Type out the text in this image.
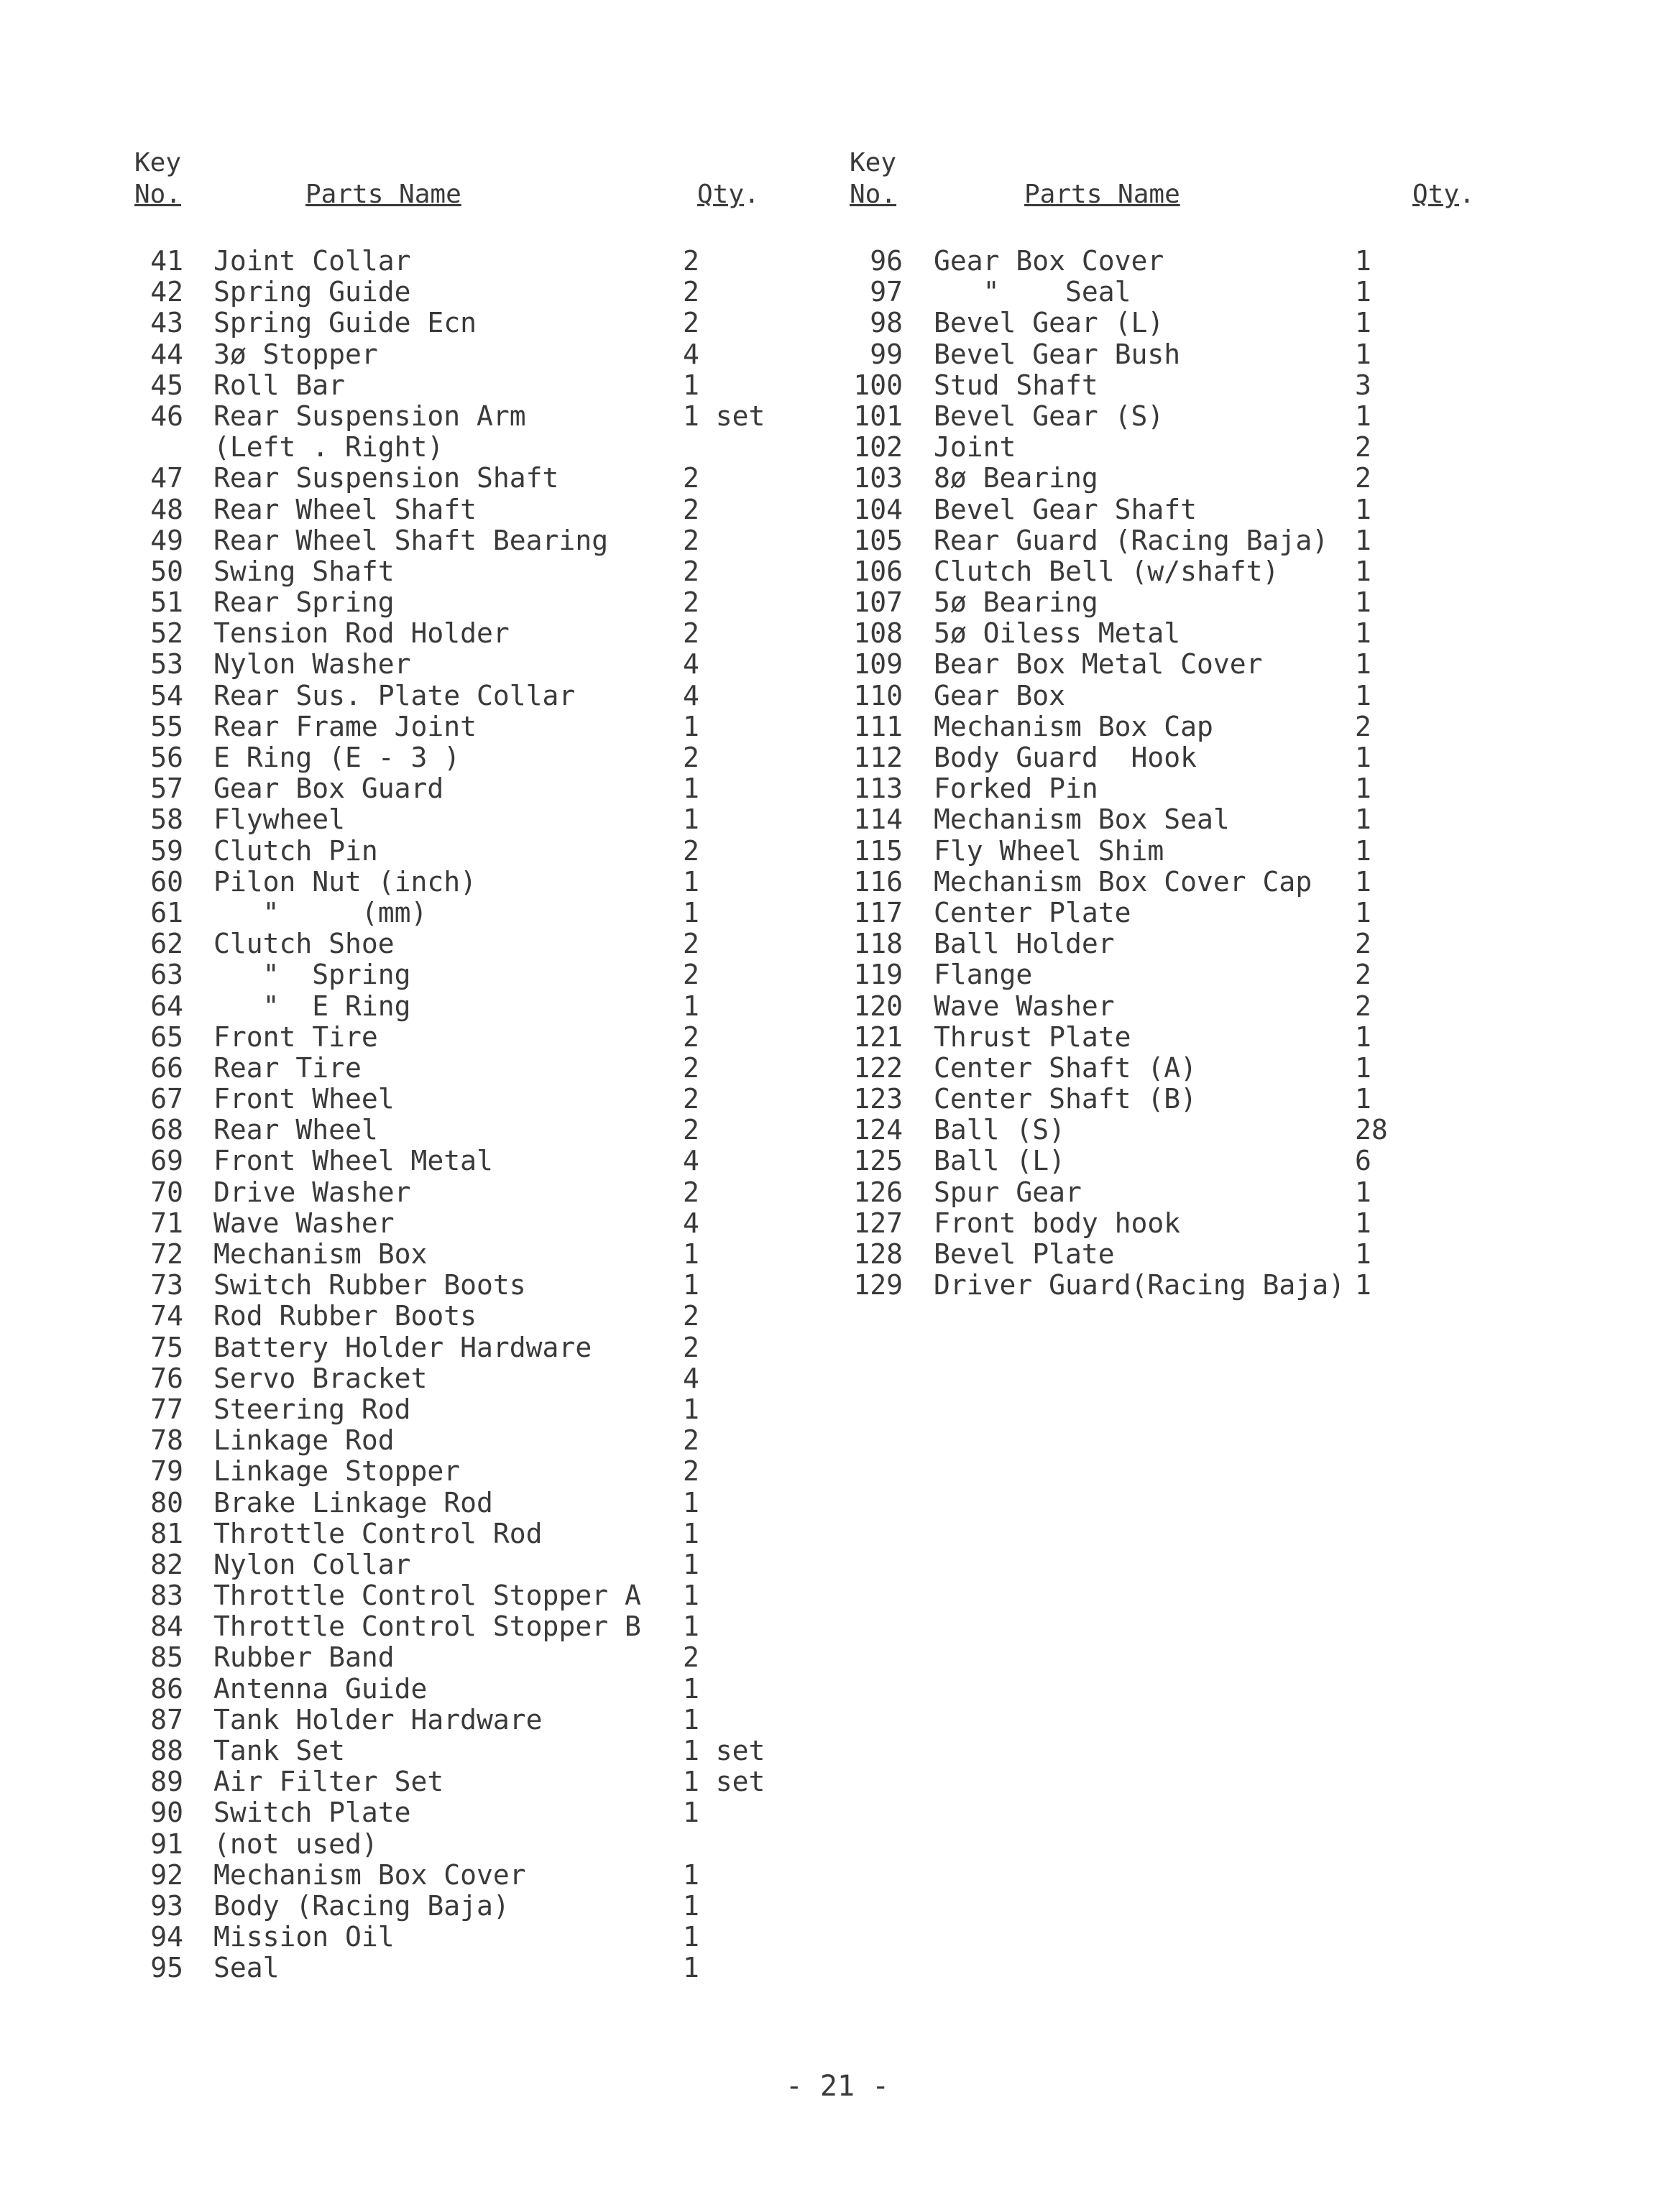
Key
No.	Parts Name	Qty.
41 Joint Collar	2
42 Spring Guide	2
43 Spring Guide Ecn	2
44 3ø Stopper	4
45 Roll Bar	1
46 Rear Suspension Arm	1 set
(Left . Right)
47 Rear Suspension Shaft	2
48 Rear Wheel Shaft	2
49 Rear Wheel Shaft Bearing	2
50 Swing Shaft	2
51 Rear Spring	2
52 Tension Rod Holder	2
53 Nylon Washer	4
54 Rear Sus. Plate Collar	4
55 Rear Frame Joint	1
56 E Ring (E - 3 )	2
57 Gear Box Guard	1
58 Flywheel	1
59 Clutch Pin	2
60 Pilon Nut (inch)	1
61 "     (mm)	1
62 Clutch Shoe	2
63 "  Spring	2
64 "  E Ring	1
65 Front Tire	2
66 Rear Tire	2
67 Front Wheel	2
68 Rear Wheel	2
69 Front Wheel Metal	4
70 Drive Washer	2
71 Wave Washer	4
72 Mechanism Box	1
73 Switch Rubber Boots	1
74 Rod Rubber Boots	2
75 Battery Holder Hardware	2
76 Servo Bracket	4
77 Steering Rod	1
78 Linkage Rod	2
79 Linkage Stopper	2
80 Brake Linkage Rod	1
81 Throttle Control Rod	1
82 Nylon Collar	1
83 Throttle Control Stopper A 1
84 Throttle Control Stopper B 1
85 Rubber Band	2
86 Antenna Guide	1
87 Tank Holder Hardware	1
88 Tank Set	1 set
89 Air Filter Set	1 set
90 Switch Plate	1
91 (not used)
92 Mechanism Box Cover	1
93 Body (Racing Baja)	1
94 Mission Oil	1
95 Seal	1
Key
No.	Parts Name	Qty.
96 Gear Box Cover	1
97 "    Seal	1
98 Bevel Gear (L)	1
99 Bevel Gear Bush	1
100 Stud Shaft	3
101 Bevel Gear (S)	1
102 Joint	2
103 8ø Bearing	2
104 Bevel Gear Shaft	1
105 Rear Guard (Racing Baja) 1
106 Clutch Bell (w/shaft)	1
107 5ø Bearing	1
108 5ø Oiless Metal	1
109 Bear Box Metal Cover	1
110 Gear Box	1
111 Mechanism Box Cap	2
112 Body Guard  Hook	1
113 Forked Pin	1
114 Mechanism Box Seal	1
115 Fly Wheel Shim	1
116 Mechanism Box Cover Cap 1
117 Center Plate	1
118 Ball Holder	2
119 Flange	2
120 Wave Washer	2
121 Thrust Plate	1
122 Center Shaft (A)	1
123 Center Shaft (B)	1
124 Ball (S)	28
125 Ball (L)	6
126 Spur Gear	1
127 Front body hook	1
128 Bevel Plate	1
129 Driver Guard(Racing Baja) 1
- 21 -
